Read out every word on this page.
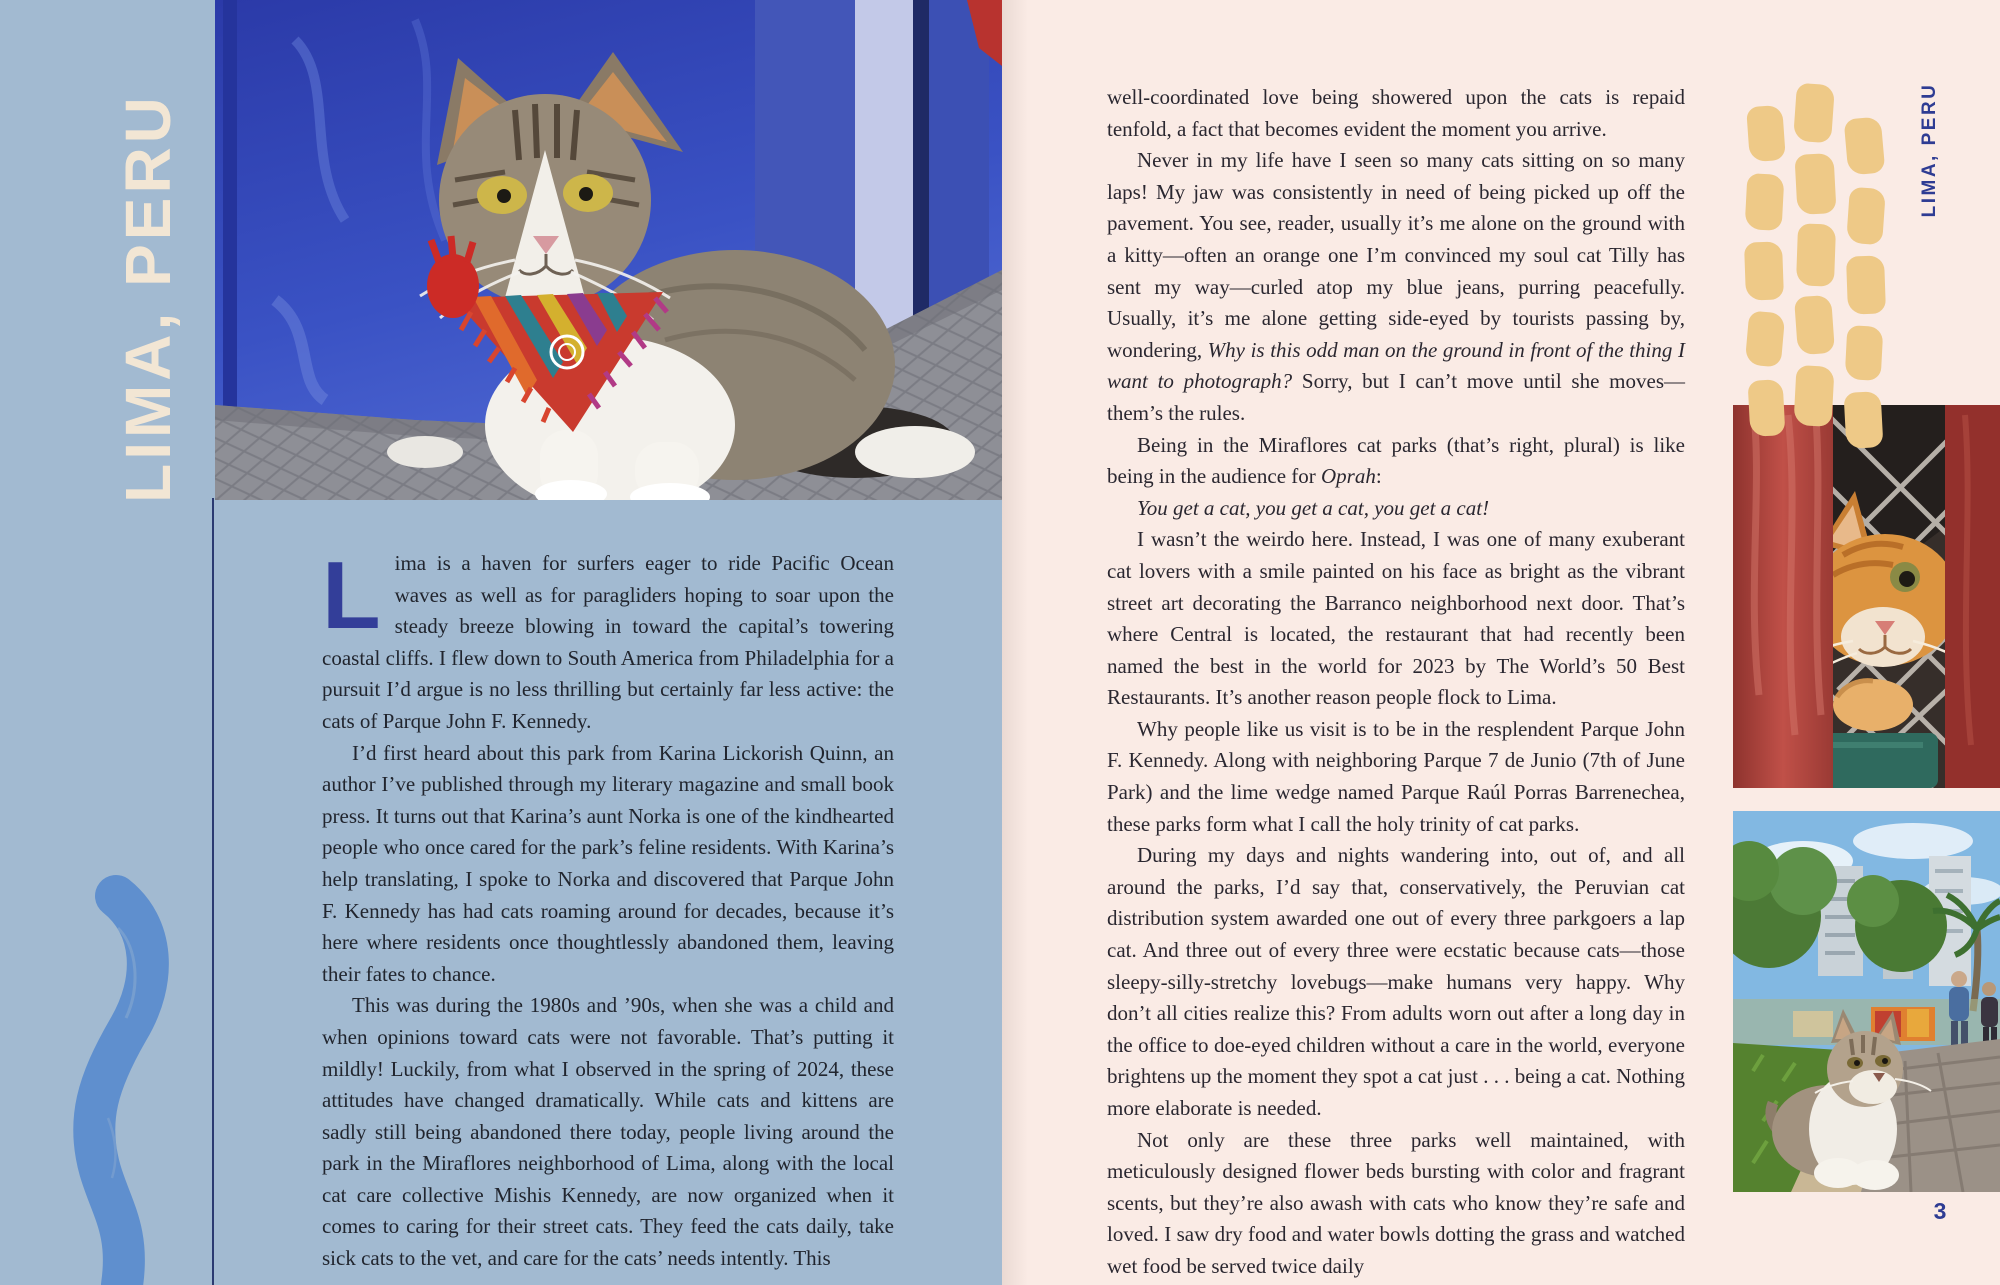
LIMA, PERU

Lima is a haven for surfers eager to ride Pacific Ocean waves as well as for paragliders hoping to soar upon the steady breeze blowing in toward the capital’s towering coastal cliffs. I flew down to South America from Philadelphia for a pursuit I’d argue is no less thrilling but certainly far less active: the cats of Parque John F. Kennedy.

I’d first heard about this park from Karina Lickorish Quinn, an author I’ve published through my literary magazine and small book press. It turns out that Karina’s aunt Norka is one of the kindhearted people who once cared for the park’s feline residents. With Karina’s help translating, I spoke to Norka and discovered that Parque John F. Kennedy has had cats roaming around for decades, because it’s here where residents once thoughtlessly abandoned them, leaving their fates to chance.

This was during the 1980s and ’90s, when she was a child and when opinions toward cats were not favorable. That’s putting it mildly! Luckily, from what I observed in the spring of 2024, these attitudes have changed dramatically. While cats and kittens are sadly still being abandoned there today, people living around the park in the Miraflores neighborhood of Lima, along with the local cat care collective Mishis Kennedy, are now organized when it comes to caring for their street cats. They feed the cats daily, take sick cats to the vet, and care for the cats’ needs intently. This

well-coordinated love being showered upon the cats is repaid tenfold, a fact that becomes evident the moment you arrive.

Never in my life have I seen so many cats sitting on so many laps! My jaw was consistently in need of being picked up off the pavement. You see, reader, usually it’s me alone on the ground with a kitty—often an orange one I’m convinced my soul cat Tilly has sent my way—curled atop my blue jeans, purring peacefully. Usually, it’s me alone getting side-eyed by tourists passing by, wondering, Why is this odd man on the ground in front of the thing I want to photograph? Sorry, but I can’t move until she moves—them’s the rules.

Being in the Miraflores cat parks (that’s right, plural) is like being in the audience for Oprah:

You get a cat, you get a cat, you get a cat!

I wasn’t the weirdo here. Instead, I was one of many exuberant cat lovers with a smile painted on his face as bright as the vibrant street art decorating the Barranco neighborhood next door. That’s where Central is located, the restaurant that had recently been named the best in the world for 2023 by The World’s 50 Best Restaurants. It’s another reason people flock to Lima.

Why people like us visit is to be in the resplendent Parque John F. Kennedy. Along with neighboring Parque 7 de Junio (7th of June Park) and the lime wedge named Parque Raúl Porras Barrenechea, these parks form what I call the holy trinity of cat parks.

During my days and nights wandering into, out of, and all around the parks, I’d say that, conservatively, the Peruvian cat distribution system awarded one out of every three parkgoers a lap cat. And three out of every three were ecstatic because cats—those sleepy-silly-stretchy lovebugs—make humans very happy. Why don’t all cities realize this? From adults worn out after a long day in the office to doe-eyed children without a care in the world, everyone brightens up the moment they spot a cat just . . . being a cat. Nothing more elaborate is needed.

Not only are these three parks well maintained, with meticulously designed flower beds bursting with color and fragrant scents, but they’re also awash with cats who know they’re safe and loved. I saw dry food and water bowls dotting the grass and watched wet food be served twice daily

LIMA, PERU
3
